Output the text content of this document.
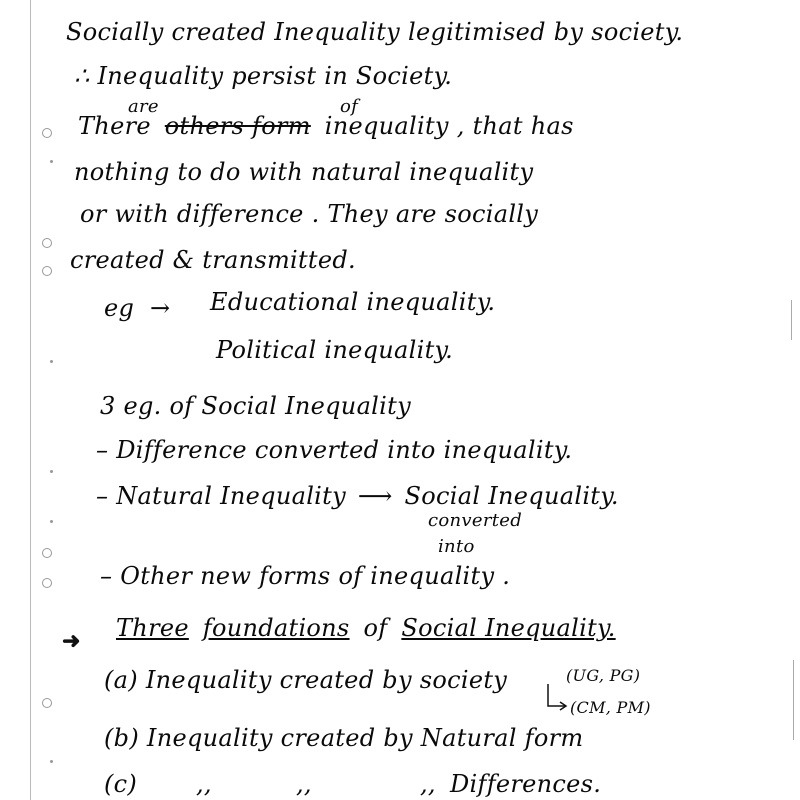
Socially created Inequality legitimised by society.
∴ Inequality persist in Society.
are	of
There others form inequality , that has
nothing to do with natural inequality
or with difference . They are socially
created & transmitted.
eg → Educational inequality.
Political inequality.
3 eg. of Social Inequality
– Difference converted into inequality.
– Natural Inequality ⟶ Social Inequality.
converted
into
– Other new forms of inequality .
➜ Three foundations of Social Inequality.
(a) Inequality created by society	(UG, PG)
(CM, PM)
(b) Inequality created by Natural form
(c) ,,	,,	,, Differences.
